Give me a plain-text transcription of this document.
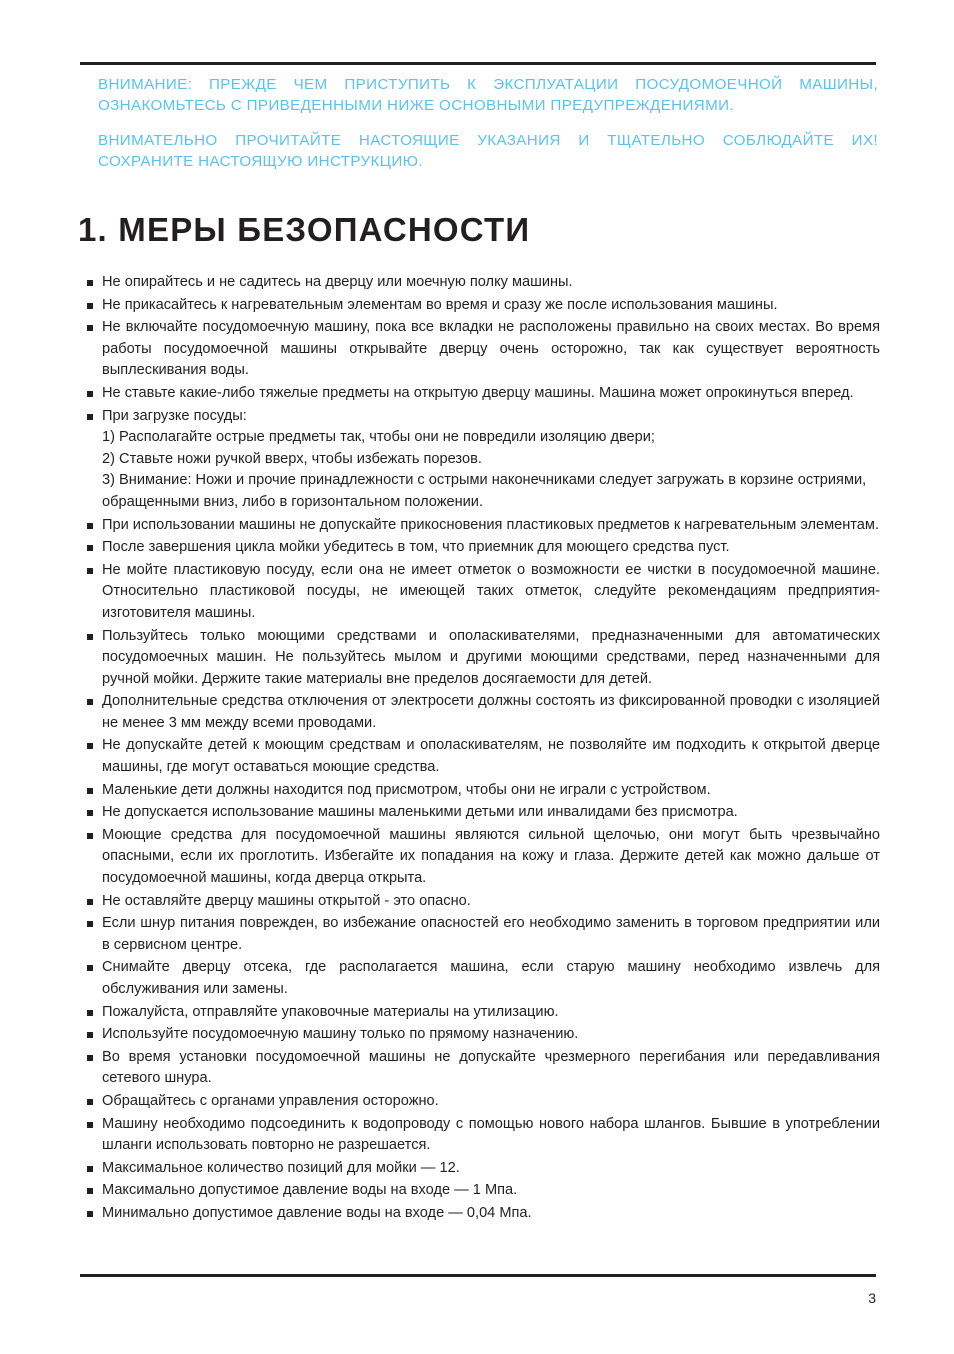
ВНИМАНИЕ: ПРЕЖДЕ ЧЕМ ПРИСТУПИТЬ К ЭКСПЛУАТАЦИИ ПОСУДОМОЕЧНОЙ МАШИНЫ, ОЗНАКОМЬТЕСЬ С ПРИВЕДЕННЫМИ НИЖЕ ОСНОВНЫМИ ПРЕДУПРЕЖДЕНИЯМИ.

ВНИМАТЕЛЬНО ПРОЧИТАЙТЕ НАСТОЯЩИЕ УКАЗАНИЯ И ТЩАТЕЛЬНО СОБЛЮДАЙТЕ ИХ! СОХРАНИТЕ НАСТОЯЩУЮ ИНСТРУКЦИЮ.

1. МЕРЫ БЕЗОПАСНОСТИ
Не опирайтесь и не садитесь на дверцу или моечную полку машины.
Не прикасайтесь к нагревательным элементам во время и сразу же после использования машины.
Не включайте посудомоечную машину, пока все вкладки не расположены правильно на своих местах. Во время работы посудомоечной машины открывайте дверцу очень осторожно, так как существует вероятность выплескивания воды.
Не ставьте какие-либо тяжелые предметы на открытую дверцу машины. Машина может опрокинуться вперед.
При загрузке посуды:
1) Располагайте острые предметы так, чтобы они не повредили изоляцию двери;
2) Ставьте ножи ручкой вверх, чтобы избежать порезов.
3) Внимание: Ножи и прочие принадлежности с острыми наконечниками следует загружать в корзине остриями, обращенными вниз, либо в горизонтальном положении.
При использовании машины не допускайте прикосновения пластиковых предметов к нагревательным элементам.
После завершения цикла мойки убедитесь в том, что приемник для моющего средства пуст.
Не мойте пластиковую посуду, если она не имеет отметок о возможности ее чистки в посудомоечной машине. Относительно пластиковой посуды, не имеющей таких отметок, следуйте рекомендациям предприятия-изготовителя машины.
Пользуйтесь только моющими средствами и ополаскивателями, предназначенными для автоматических посудомоечных машин. Не пользуйтесь мылом и другими моющими средствами, перед назначенными для ручной мойки. Держите такие материалы вне пределов досягаемости для детей.
Дополнительные средства отключения от электросети должны состоять из фиксированной проводки с изоляцией не менее 3 мм между всеми проводами.
Не допускайте детей к моющим средствам и ополаскивателям, не позволяйте им подходить к открытой дверце машины, где могут оставаться моющие средства.
Маленькие дети должны находится под присмотром, чтобы они не играли с устройством.
Не допускается использование машины маленькими детьми или инвалидами без присмотра.
Моющие средства для посудомоечной машины являются сильной щелочью, они могут быть чрезвычайно опасными, если их проглотить. Избегайте их попадания на кожу и глаза. Держите детей как можно дальше от посудомоечной машины, когда дверца открыта.
Не оставляйте дверцу машины открытой - это опасно.
Если шнур питания поврежден, во избежание опасностей его необходимо заменить в торговом предприятии или в сервисном центре.
Снимайте дверцу отсека, где располагается машина, если старую машину необходимо извлечь для обслуживания или замены.
Пожалуйста, отправляйте упаковочные материалы на утилизацию.
Используйте посудомоечную машину только по прямому назначению.
Во время установки посудомоечной машины не допускайте чрезмерного перегибания или передавливания сетевого шнура.
Обращайтесь с органами управления осторожно.
Машину необходимо подсоединить к водопроводу с помощью нового набора шлангов. Бывшие в употреблении шланги использовать повторно не разрешается.
Максимальное количество позиций для мойки — 12.
Максимально допустимое давление воды на входе — 1 Мпа.
Минимально допустимое давление воды на входе — 0,04 Мпа.
3
